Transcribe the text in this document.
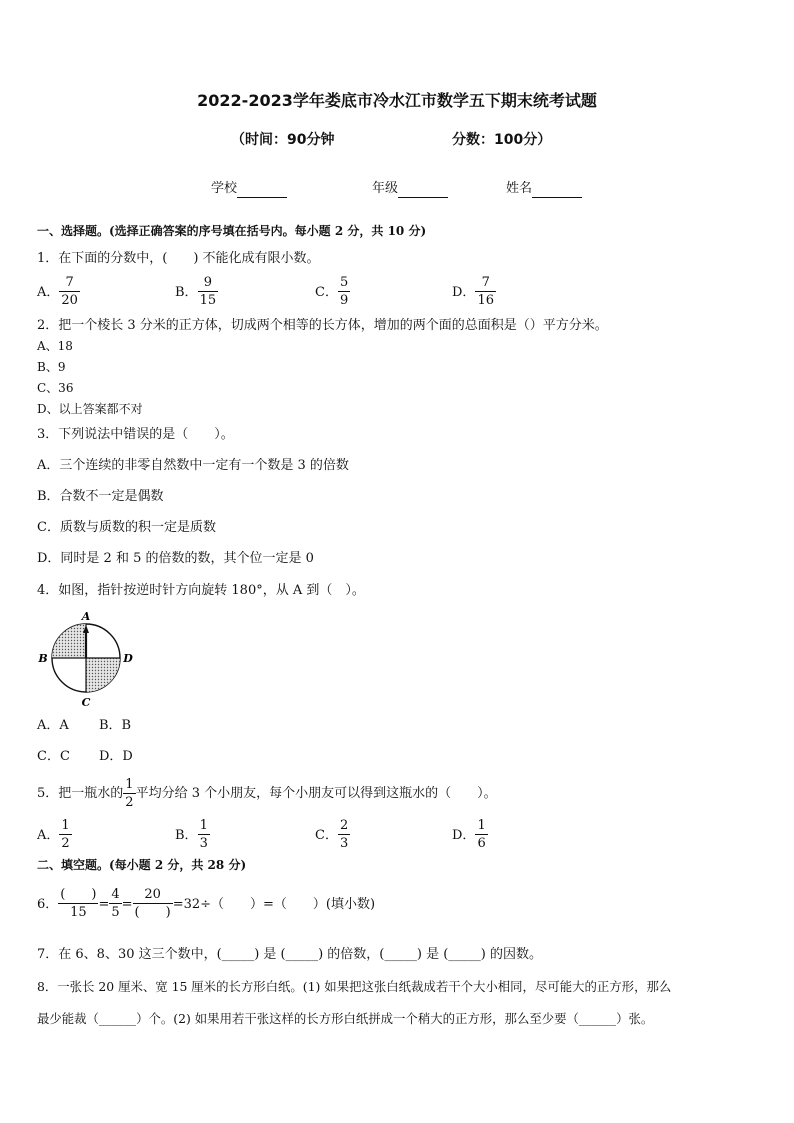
2022-2023学年娄底市冷水江市数学五下期末统考试题
（时间：90分钟	分数：100分）
学校	年级	姓名
一、选择题。(选择正确答案的序号填在括号内。每小题 2 分，共 10 分)
1．在下面的分数中，(　　) 不能化成有限小数。
A． $\frac{7}{20}$	B． $\frac{9}{15}$	C． $\frac{5}{9}$	D． $\frac{7}{16}$
2．把一个棱长 3 分米的正方体，切成两个相等的长方体，增加的两个面的总面积是（）平方分米。
A、18
B、9
C、36
D、以上答案都不对
3．下列说法中错误的是（　　）。
A．三个连续的非零自然数中一定有一个数是 3 的倍数
B．合数不一定是偶数
C．质数与质数的积一定是质数
D．同时是 2 和 5 的倍数的数，其个位一定是 0
4．如图，指针按逆时针方向旋转 180°，从 A 到（　）。
A
B	D
C
A．A B．B
C．C D．D
5．把一瓶水的 $\frac{1}{2}$ 平均分给 3 个小朋友，每个小朋友可以得到这瓶水的（　　）。
A． $\frac{1}{2}$	B． $\frac{1}{3}$	C． $\frac{2}{3}$	D． $\frac{1}{6}$
二、填空题。(每小题 2 分，共 28 分)
6． $\frac{( )}{15} = \frac{4}{5} = \frac{20}{( )} =32\div$（　　）=（　　）(填小数)
7．在 6、8、30 这三个数中，(_____) 是 (_____) 的倍数，(_____) 是 (_____) 的因数。
8．一张长 20 厘米、宽 15 厘米的长方形白纸。(1) 如果把这张白纸裁成若干个大小相同，尽可能大的正方形，那么
最少能裁（______）个。(2) 如果用若干张这样的长方形白纸拼成一个稍大的正方形，那么至少要（______）张。
